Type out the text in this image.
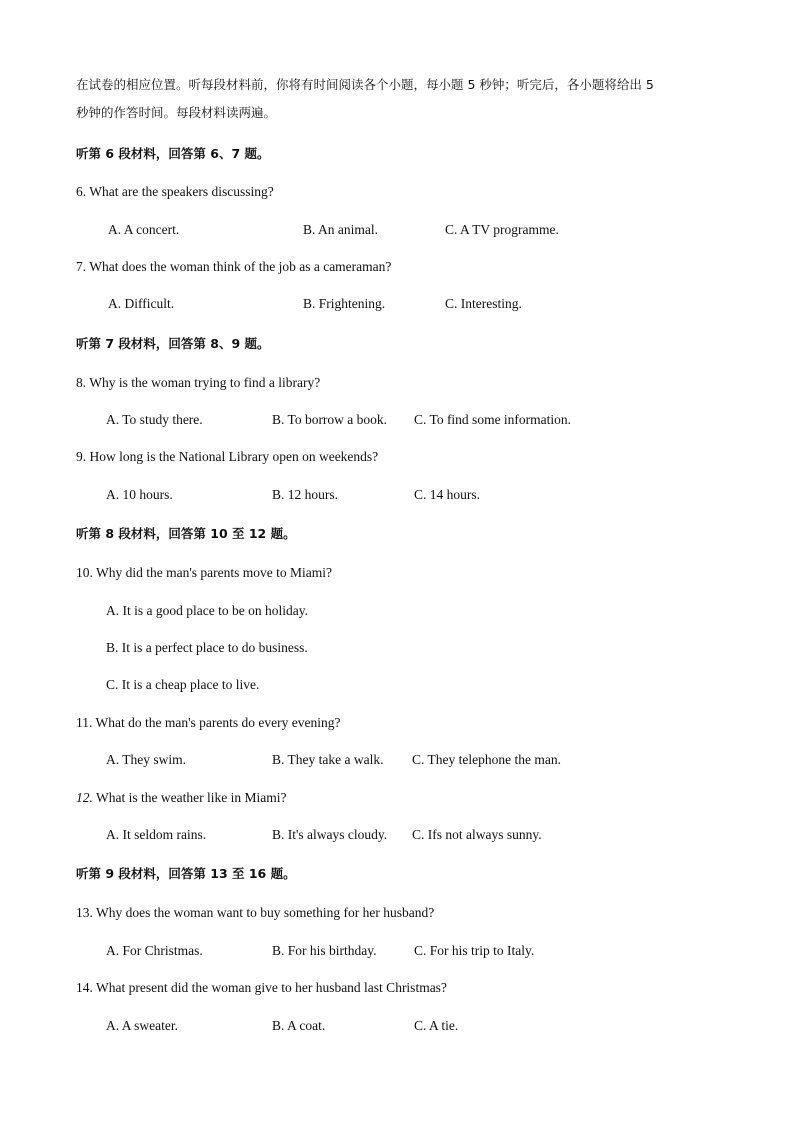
在试卷的相应位置。听每段材料前，你将有时间阅读各个小题，每小题 5 秒钟；听完后，各小题将给出 5
秒钟的作答时间。每段材料读两遍。
听第 6 段材料，回答第 6、7 题。
6. What are the speakers discussing?
A. A concert.	B. An animal.	C. A TV programme.
7. What does the woman think of the job as a cameraman?
A. Difficult.	B. Frightening.	C. Interesting.
听第 7 段材料，回答第 8、9 题。
8. Why is the woman trying to find a library?
A. To study there.	B. To borrow a book. C. To find some information.
9. How long is the National Library open on weekends?
A. 10 hours.	B. 12 hours.	C. 14 hours.
听第 8 段材料，回答第 10 至 12 题。
10. Why did the man's parents move to Miami?
A. It is a good place to be on holiday.
B. It is a perfect place to do business.
C. It is a cheap place to live.
11. What do the man's parents do every evening?
A. They swim.	B. They take a walk. C. They telephone the man.
12. What is the weather like in Miami?
A. It seldom rains.	B. It's always cloudy. C. Ifs not always sunny.
听第 9 段材料，回答第 13 至 16 题。
13. Why does the woman want to buy something for her husband?
A. For Christmas.	B. For his birthday.	C. For his trip to Italy.
14. What present did the woman give to her husband last Christmas?
A. A sweater.	B. A coat.	C. A tie.
